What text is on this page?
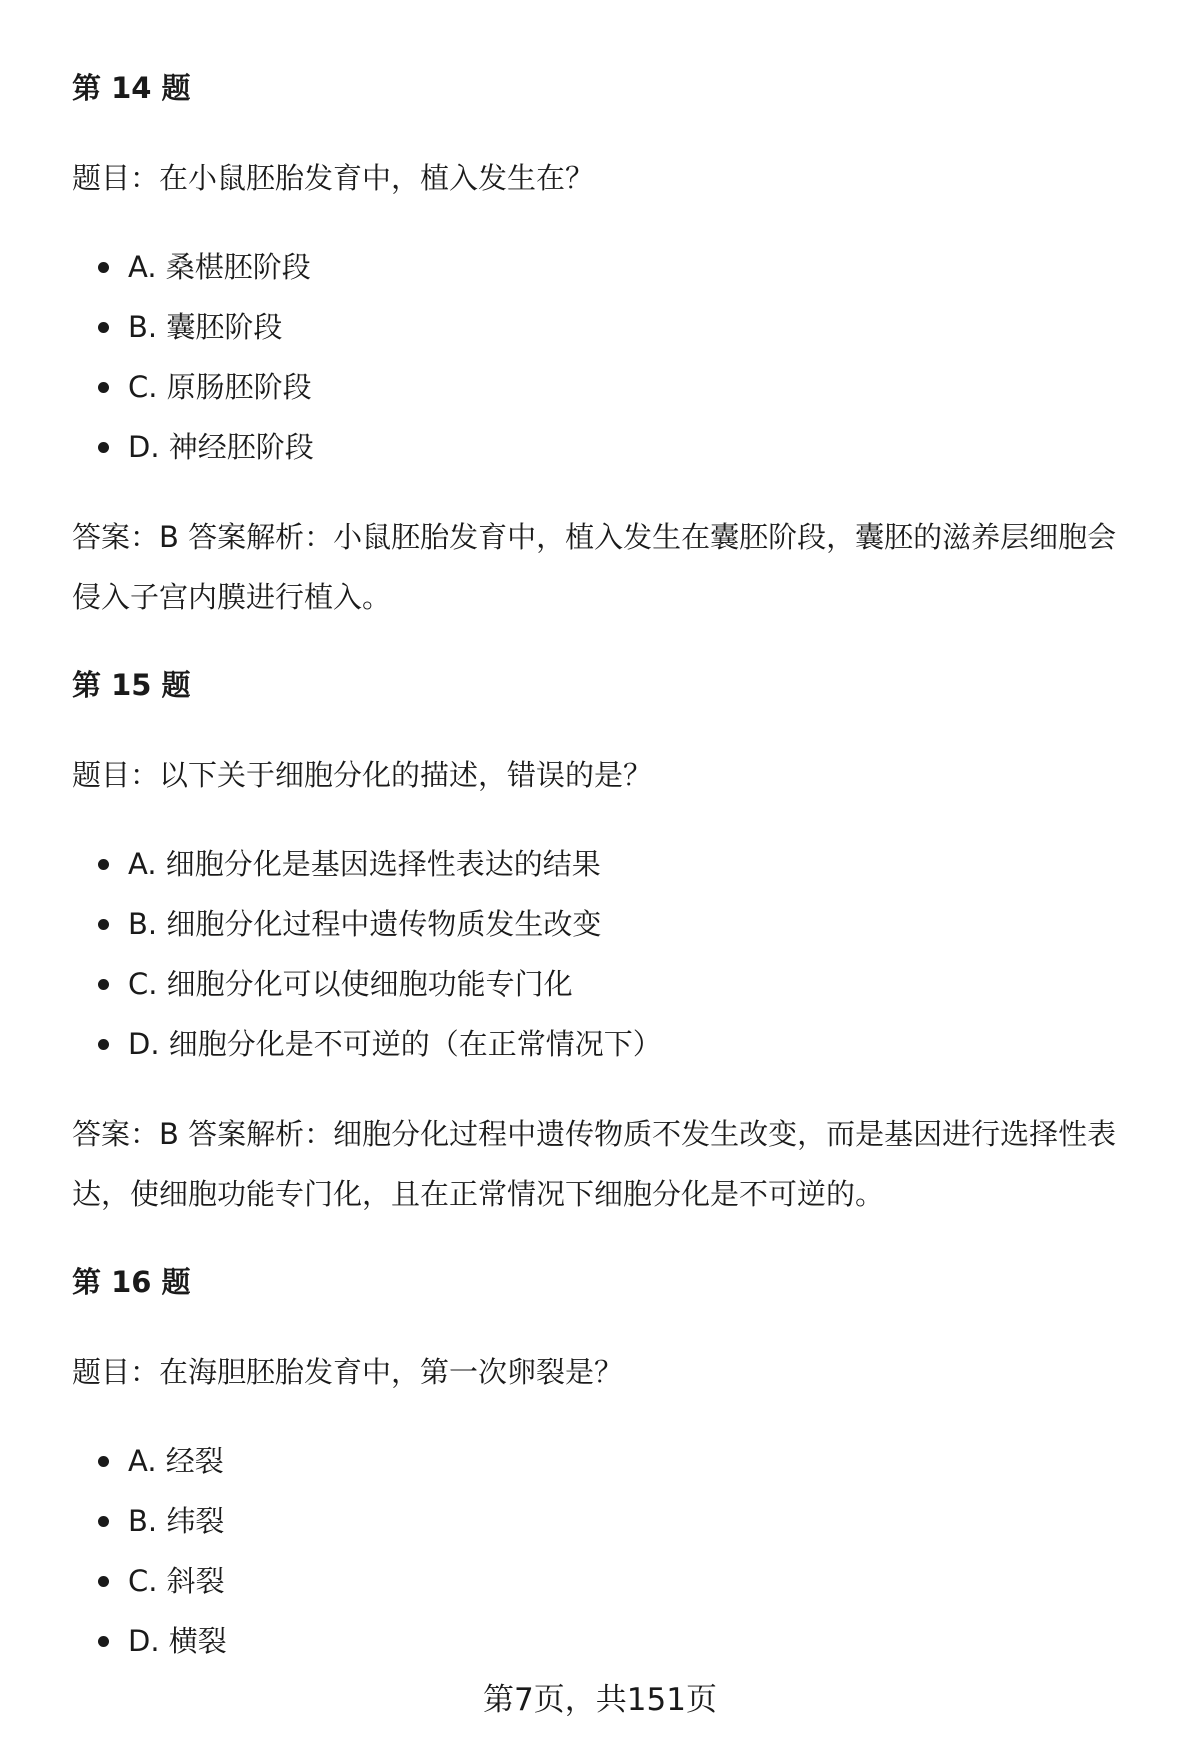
第 14 题
题目：在小鼠胚胎发育中，植入发生在？
A. 桑椹胚阶段
B. 囊胚阶段
C. 原肠胚阶段
D. 神经胚阶段
答案：B 答案解析：小鼠胚胎发育中，植入发生在囊胚阶段，囊胚的滋养层细胞会
侵入子宫内膜进行植入。
第 15 题
题目：以下关于细胞分化的描述，错误的是？
A. 细胞分化是基因选择性表达的结果
B. 细胞分化过程中遗传物质发生改变
C. 细胞分化可以使细胞功能专门化
D. 细胞分化是不可逆的（在正常情况下）
答案：B 答案解析：细胞分化过程中遗传物质不发生改变，而是基因进行选择性表
达，使细胞功能专门化，且在正常情况下细胞分化是不可逆的。
第 16 题
题目：在海胆胚胎发育中，第一次卵裂是？
A. 经裂
B. 纬裂
C. 斜裂
D. 横裂
第7页，共151页
